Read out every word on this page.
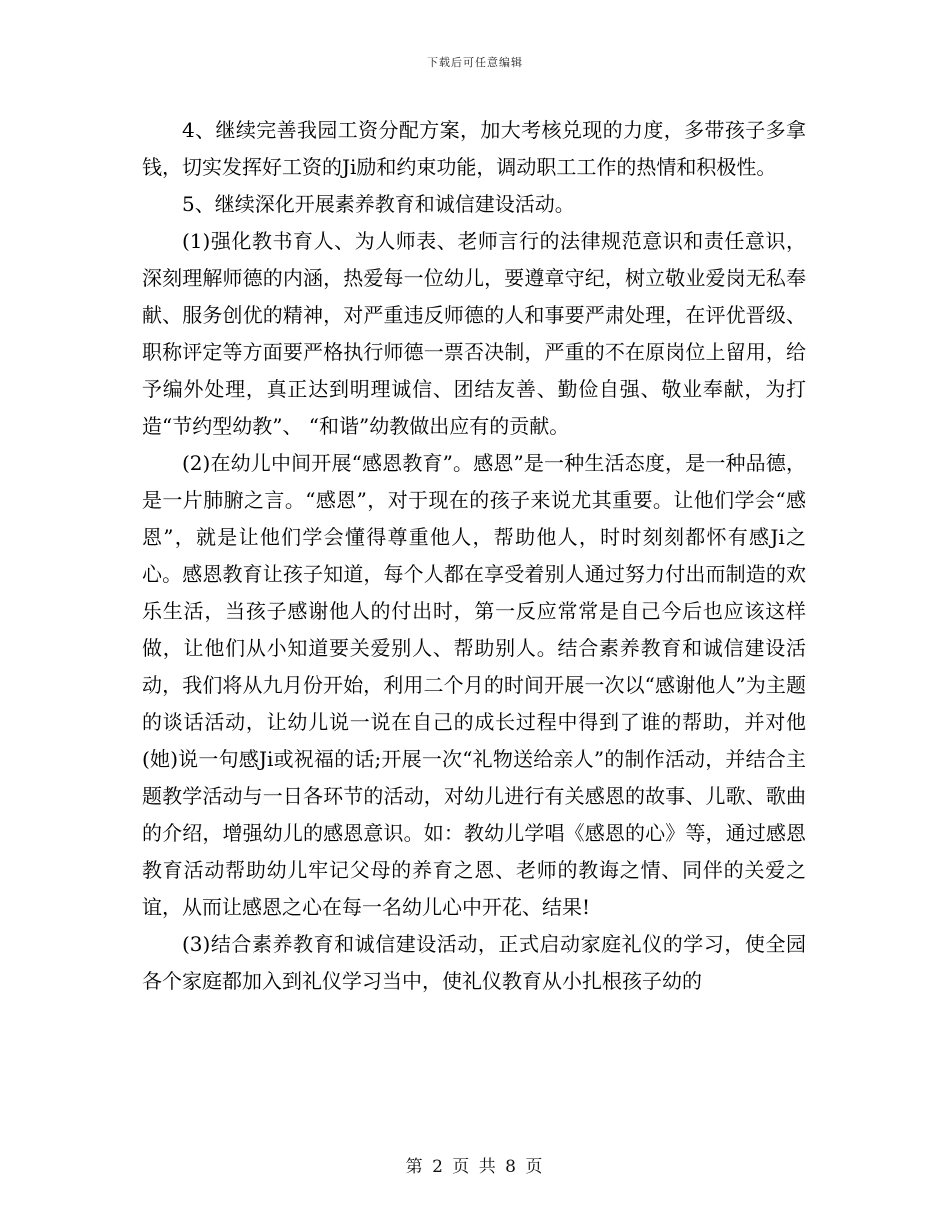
下载后可任意编辑

4、继续完善我园工资分配方案，加大考核兑现的力度，多带孩子多拿钱，切实发挥好工资的Ji励和约束功能，调动职工工作的热情和积极性。

5、继续深化开展素养教育和诚信建设活动。

(1)强化教书育人、为人师表、老师言行的法律规范意识和责任意识，深刻理解师德的内涵，热爱每一位幼儿，要遵章守纪，树立敬业爱岗无私奉献、服务创优的精神，对严重违反师德的人和事要严肃处理，在评优晋级、职称评定等方面要严格执行师德一票否决制，严重的不在原岗位上留用，给予编外处理，真正达到明理诚信、团结友善、勤俭自强、敬业奉献，为打造“节约型幼教”、 “和谐”幼教做出应有的贡献。

(2)在幼儿中间开展“感恩教育”。感恩”是一种生活态度，是一种品德，是一片肺腑之言。“感恩”，对于现在的孩子来说尤其重要。让他们学会“感恩”，就是让他们学会懂得尊重他人，帮助他人，时时刻刻都怀有感Ji之心。感恩教育让孩子知道，每个人都在享受着别人通过努力付出而制造的欢乐生活，当孩子感谢他人的付出时，第一反应常常是自己今后也应该这样做，让他们从小知道要关爱别人、帮助别人。结合素养教育和诚信建设活动，我们将从九月份开始，利用二个月的时间开展一次以“感谢他人”为主题的谈话活动，让幼儿说一说在自己的成长过程中得到了谁的帮助，并对他(她)说一句感Ji或祝福的话;开展一次“礼物送给亲人”的制作活动，并结合主题教学活动与一日各环节的活动，对幼儿进行有关感恩的故事、儿歌、歌曲的介绍，增强幼儿的感恩意识。如：教幼儿学唱《感恩的心》等，通过感恩教育活动帮助幼儿牢记父母的养育之恩、老师的教诲之情、同伴的关爱之谊，从而让感恩之心在每一名幼儿心中开花、结果!

(3)结合素养教育和诚信建设活动，正式启动家庭礼仪的学习，使全园各个家庭都加入到礼仪学习当中，使礼仪教育从小扎根孩子幼的

第 2 页 共 8 页
